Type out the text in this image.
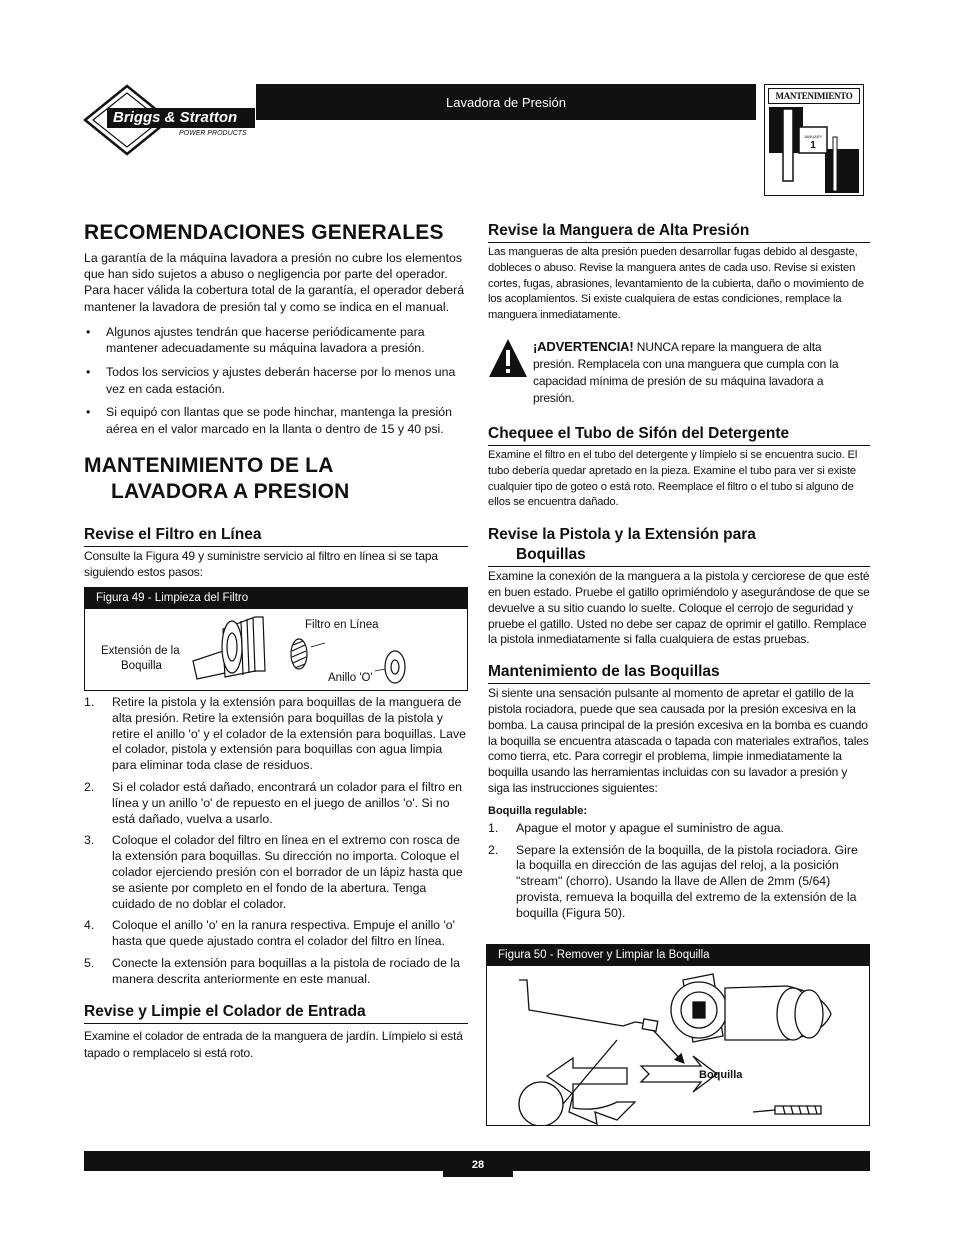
Briggs & Stratton
POWER PRODUCTS
Lavadora de Presión	MANTENIMIENTO
JANUARY
1
RECOMENDACIONES GENERALES
La garantía de la máquina lavadora a presión no cubre los elementos que han sido sujetos a abuso o negligencia por parte del operador. Para hacer válida la cobertura total de la garantía, el operador deberá mantener la lavadora de presión tal y como se indica en el manual.
• Algunos ajustes tendrán que hacerse periódicamente para mantener adecuadamente su máquina lavadora a presión.
• Todos los servicios y ajustes deberán hacerse por lo menos una vez en cada estación.
• Si equipó con llantas que se pode hinchar, mantenga la presión aérea en el valor marcado en la llanta o dentro de 15 y 40 psi.
MANTENIMIENTO DE LA
LAVADORA A PRESION
Revise el Filtro en Línea
Consulte la Figura 49 y suministre servicio al filtro en línea si se tapa siguiendo estos pasos:
Figura 49 - Limpieza del Filtro
Filtro en Línea
Extensión de la
Boquilla
Anillo 'O'
1. Retire la pistola y la extensión para boquillas de la manguera de alta presión. Retire la extensión para boquillas de la pistola y retire el anillo 'o' y el colador de la extensión para boquillas. Lave el colador, pistola y extensión para boquillas con agua limpia para eliminar toda clase de residuos.
2. Si el colador está dañado, encontrará un colador para el filtro en línea y un anillo 'o' de repuesto en el juego de anillos 'o'. Si no está dañado, vuelva a usarlo.
3. Coloque el colador del filtro en línea en el extremo con rosca de la extensión para boquillas. Su dirección no importa. Coloque el colador ejerciendo presión con el borrador de un lápiz hasta que se asiente por completo en el fondo de la abertura. Tenga cuidado de no doblar el colador.
4. Coloque el anillo 'o' en la ranura respectiva. Empuje el anillo 'o' hasta que quede ajustado contra el colador del filtro en línea.
5. Conecte la extensión para boquillas a la pistola de rociado de la manera descrita anteriormente en este manual.
Revise y Limpie el Colador de Entrada
Examine el colador de entrada de la manguera de jardín. Límpielo si está tapado o remplacelo si está roto.
Revise la Manguera de Alta Presión
Las mangueras de alta presión pueden desarrollar fugas debido al desgaste, dobleces o abuso. Revise la manguera antes de cada uso. Revise si existen cortes, fugas, abrasiones, levantamiento de la cubierta, daño o movimiento de los acoplamientos. Si existe cualquiera de estas condiciones, remplace la manguera inmediatamente.
¡ADVERTENCIA! NUNCA repare la manguera de alta presión. Remplacela con una manguera que cumpla con la capacidad mínima de presión de su máquina lavadora a presión.
Chequee el Tubo de Sifón del Detergente
Examine el filtro en el tubo del detergente y límpielo si se encuentra sucio. El tubo debería quedar apretado en la pieza. Examine el tubo para ver si existe cualquier tipo de goteo o está roto. Reemplace el filtro o el tubo si alguno de ellos se encuentra dañado.
Revise la Pistola y la Extensión para
Boquillas
Examine la conexión de la manguera a la pistola y cerciorese de que esté en buen estado. Pruebe el gatillo oprimiéndolo y asegurándose de que se devuelve a su sitio cuando lo suelte. Coloque el cerrojo de seguridad y pruebe el gatillo. Usted no debe ser capaz de oprimir el gatillo. Remplace la pistola inmediatamente si falla cualquiera de estas pruebas.
Mantenimiento de las Boquillas
Si siente una sensación pulsante al momento de apretar el gatillo de la pistola rociadora, puede que sea causada por la presión excesiva en la bomba. La causa principal de la presión excesiva en la bomba es cuando la boquilla se encuentra atascada o tapada con materiales extraños, tales como tierra, etc. Para corregir el problema, limpie inmediatamente la boquilla usando las herramientas incluidas con su lavador a presión y siga las instrucciones siguientes:
Boquilla regulable:
1. Apague el motor y apague el suministro de agua.
2. Separe la extensión de la boquilla, de la pistola rociadora. Gire la boquilla en dirección de las agujas del reloj, a la posición "stream" (chorro). Usando la llave de Allen de 2mm (5/64) provista, remueva la boquilla del extremo de la extensión de la boquilla (Figura 50).
Figura 50 - Remover y Limpiar la Boquilla
Boquilla
28
